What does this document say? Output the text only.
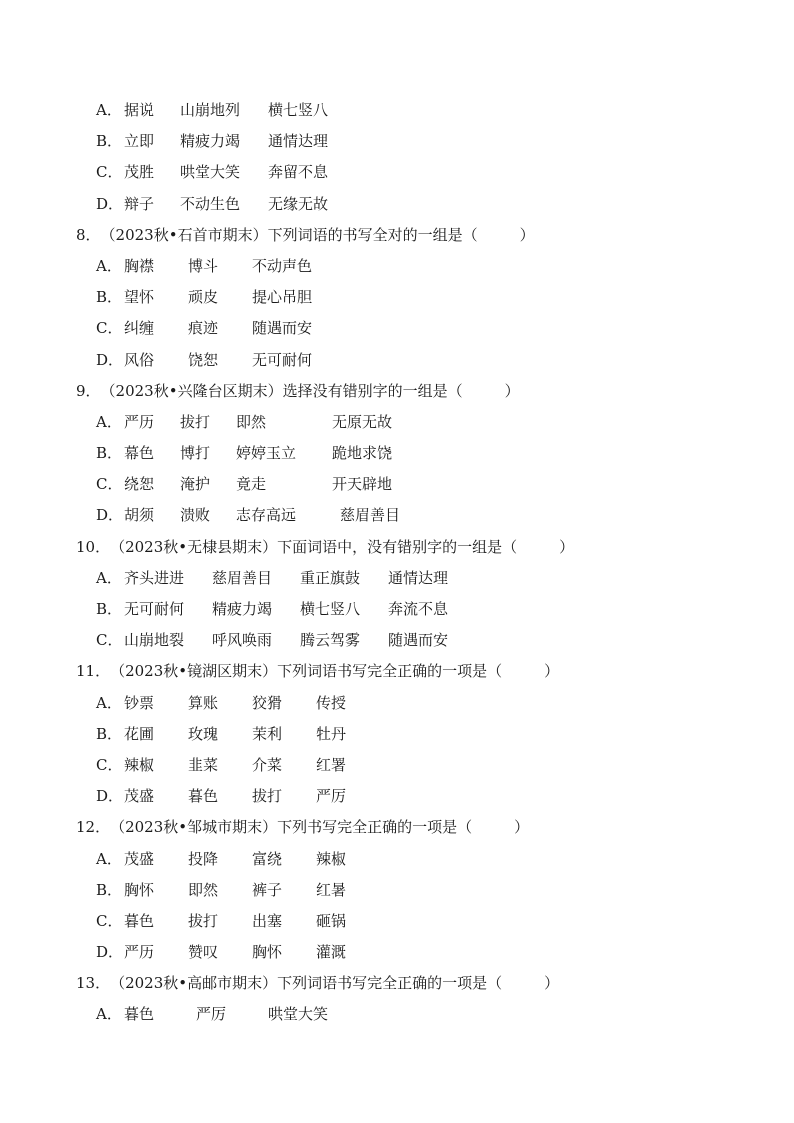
A． 据说	山崩地列	横七竖八
B． 立即	精疲力竭	通情达理
C． 茂胜	哄堂大笑	奔留不息
D． 辩子	不动生色	无缘无故
8． （2023秋•石首市期末） 下列词语的书写全对的一组是（	）
A． 胸襟	博斗	不动声色
B． 望怀	顽皮	提心吊胆
C． 纠缠	痕迹	随遇而安
D． 风俗	饶恕	无可耐何
9． （2023秋•兴隆台区期末） 选择没有错别字的一组是（	）
A． 严历	拔打	即然	无原无故
B． 幕色	博打	婷婷玉立	跪地求饶
C． 绕恕	淹护	竟走	开天辟地
D． 胡须	溃败	志存高远	慈眉善目
10． （2023秋•无棣县期末） 下面词语中，没有错别字的一组是（	）
A． 齐头进进	慈眉善目	重正旗鼓	通情达理
B． 无可耐何	精疲力竭	横七竖八	奔流不息
C． 山崩地裂	呼风唤雨	腾云驾雾	随遇而安
11． （2023秋•镜湖区期末） 下列词语书写完全正确的一项是（	）
A． 钞票	算账	狡猾	传授
B． 花圃	玫瑰	茉利	牡丹
C． 辣椒	韭菜	介菜	红署
D． 茂盛	暮色	拔打	严厉
12． （2023秋•邹城市期末） 下列书写完全正确的一项是（	）
A． 茂盛	投降	富绕	辣椒
B． 胸怀	即然	裤子	红暑
C． 暮色	拔打	出塞	砸锅
D． 严历	赞叹	胸怀	灌溉
13． （2023秋•高邮市期末） 下列词语书写完全正确的一项是（	）
A． 暮色	严厉	哄堂大笑
